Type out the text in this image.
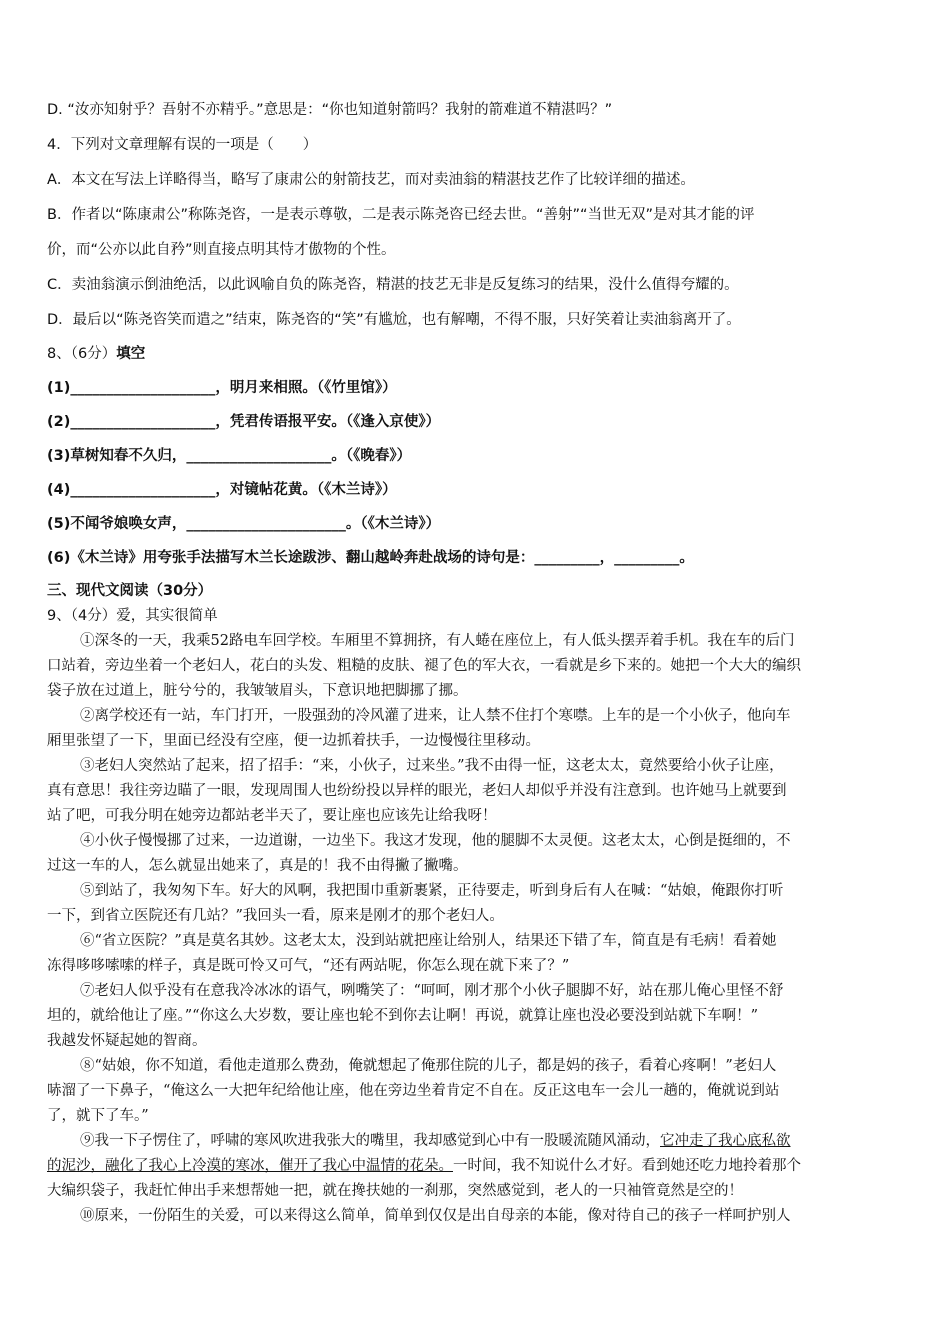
D. “汝亦知射乎？吾射不亦精乎。”意思是：“你也知道射箭吗？我射的箭难道不精湛吗？”
4．下列对文章理解有误的一项是（　　）
A．本文在写法上详略得当，略写了康肃公的射箭技艺，而对卖油翁的精湛技艺作了比较详细的描述。
B．作者以“陈康肃公”称陈尧咨，一是表示尊敬，二是表示陈尧咨已经去世。“善射”“当世无双”是对其才能的评
价，而“公亦以此自矜”则直接点明其恃才傲物的个性。
C．卖油翁演示倒油绝活，以此讽喻自负的陈尧咨，精湛的技艺无非是反复练习的结果，没什么值得夸耀的。
D．最后以“陈尧咨笑而遣之”结束，陈尧咨的“笑”有尴尬，也有解嘲，不得不服，只好笑着让卖油翁离开了。
8、（6分）填空
(1)____________________，明月来相照。（《竹里馆》）
(2)____________________，凭君传语报平安。（《逢入京使》）
(3)草树知春不久归，____________________。（《晚春》）
(4)____________________，对镜帖花黄。（《木兰诗》）
(5)不闻爷娘唤女声，______________________。（《木兰诗》）
(6)《木兰诗》用夸张手法描写木兰长途跋涉、翻山越岭奔赴战场的诗句是：_________，_________。
三、现代文阅读（30分）
9、（4分）爱，其实很简单
①深冬的一天，我乘52路电车回学校。车厢里不算拥挤，有人蜷在座位上，有人低头摆弄着手机。我在车的后门
口站着，旁边坐着一个老妇人，花白的头发、粗糙的皮肤、褪了色的军大衣，一看就是乡下来的。她把一个大大的编织
袋子放在过道上，脏兮兮的，我皱皱眉头，下意识地把脚挪了挪。
②离学校还有一站，车门打开，一股强劲的冷风灌了进来，让人禁不住打个寒噤。上车的是一个小伙子，他向车
厢里张望了一下，里面已经没有空座，便一边抓着扶手，一边慢慢往里移动。
③老妇人突然站了起来，招了招手：“来，小伙子，过来坐。”我不由得一怔，这老太太，竟然要给小伙子让座，
真有意思！我往旁边瞄了一眼，发现周围人也纷纷投以异样的眼光，老妇人却似乎并没有注意到。也许她马上就要到
站了吧，可我分明在她旁边都站老半天了，要让座也应该先让给我呀！
④小伙子慢慢挪了过来，一边道谢，一边坐下。我这才发现，他的腿脚不太灵便。这老太太，心倒是挺细的，不
过这一车的人，怎么就显出她来了，真是的！我不由得撇了撇嘴。
⑤到站了，我匆匆下车。好大的风啊，我把围巾重新裹紧，正待要走，听到身后有人在喊：“姑娘，俺跟你打听
一下，到省立医院还有几站？”我回头一看，原来是刚才的那个老妇人。
⑥“省立医院？”真是莫名其妙。这老太太，没到站就把座让给别人，结果还下错了车，简直是有毛病！看着她
冻得哆哆嗦嗦的样子，真是既可怜又可气，“还有两站呢，你怎么现在就下来了？”
⑦老妇人似乎没有在意我冷冰冰的语气，咧嘴笑了：“呵呵，刚才那个小伙子腿脚不好，站在那儿俺心里怪不舒
坦的，就给他让了座。”“你这么大岁数，要让座也轮不到你去让啊！再说，就算让座也没必要没到站就下车啊！”
我越发怀疑起她的智商。
⑧“姑娘，你不知道，看他走道那么费劲，俺就想起了俺那住院的儿子，都是妈的孩子，看着心疼啊！”老妇人
哧溜了一下鼻子，“俺这么一大把年纪给他让座，他在旁边坐着肯定不自在。反正这电车一会儿一趟的，俺就说到站
了，就下了车。”
⑨我一下子愣住了，呼啸的寒风吹进我张大的嘴里，我却感觉到心中有一股暖流随风涌动，它冲走了我心底私欲
的泥沙，融化了我心上冷漠的寒冰，催开了我心中温情的花朵。一时间，我不知说什么才好。看到她还吃力地拎着那个
大编织袋子，我赶忙伸出手来想帮她一把，就在搀扶她的一刹那，突然感觉到，老人的一只袖管竟然是空的！
⑩原来，一份陌生的关爱，可以来得这么简单，简单到仅仅是出自母亲的本能，像对待自己的孩子一样呵护别人
